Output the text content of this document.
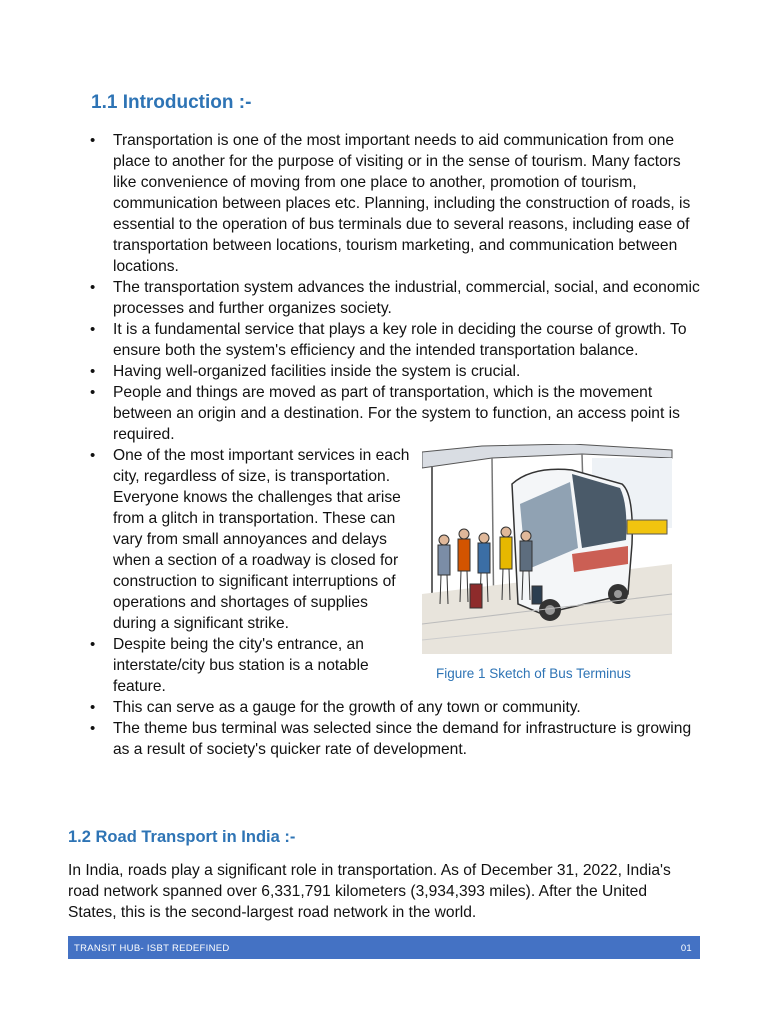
1.1 Introduction :-
• Transportation is one of the most important needs to aid communication from one place to another for the purpose of visiting or in the sense of tourism. Many factors like convenience of moving from one place to another, promotion of tourism, communication between places etc. Planning, including the construction of roads, is essential to the operation of bus terminals due to several reasons, including ease of transportation between locations, tourism marketing, and communication between locations.
• The transportation system advances the industrial, commercial, social, and economic processes and further organizes society.
• It is a fundamental service that plays a key role in deciding the course of growth. To ensure both the system's efficiency and the intended transportation balance.
• Having well-organized facilities inside the system is crucial.
• People and things are moved as part of transportation, which is the movement between an origin and a destination. For the system to function, an access point is required.
• One of the most important services in each city, regardless of size, is transportation. Everyone knows the challenges that arise from a glitch in transportation. These can vary from small annoyances and delays when a section of a roadway is closed for construction to significant interruptions of operations and shortages of supplies during a significant strike.
• Despite being the city's entrance, an interstate/city bus station is a notable feature.
• This can serve as a gauge for the growth of any town or community.
• The theme bus terminal was selected since the demand for infrastructure is growing as a result of society's quicker rate of development.
Figure 1 Sketch of Bus Terminus
1.2 Road Transport in India :-

In India, roads play a significant role in transportation. As of December 31, 2022, India's road network spanned over 6,331,791 kilometers (3,934,393 miles). After the United States, this is the second-largest road network in the world.

TRANSIT HUB- ISBT REDEFINED	01
